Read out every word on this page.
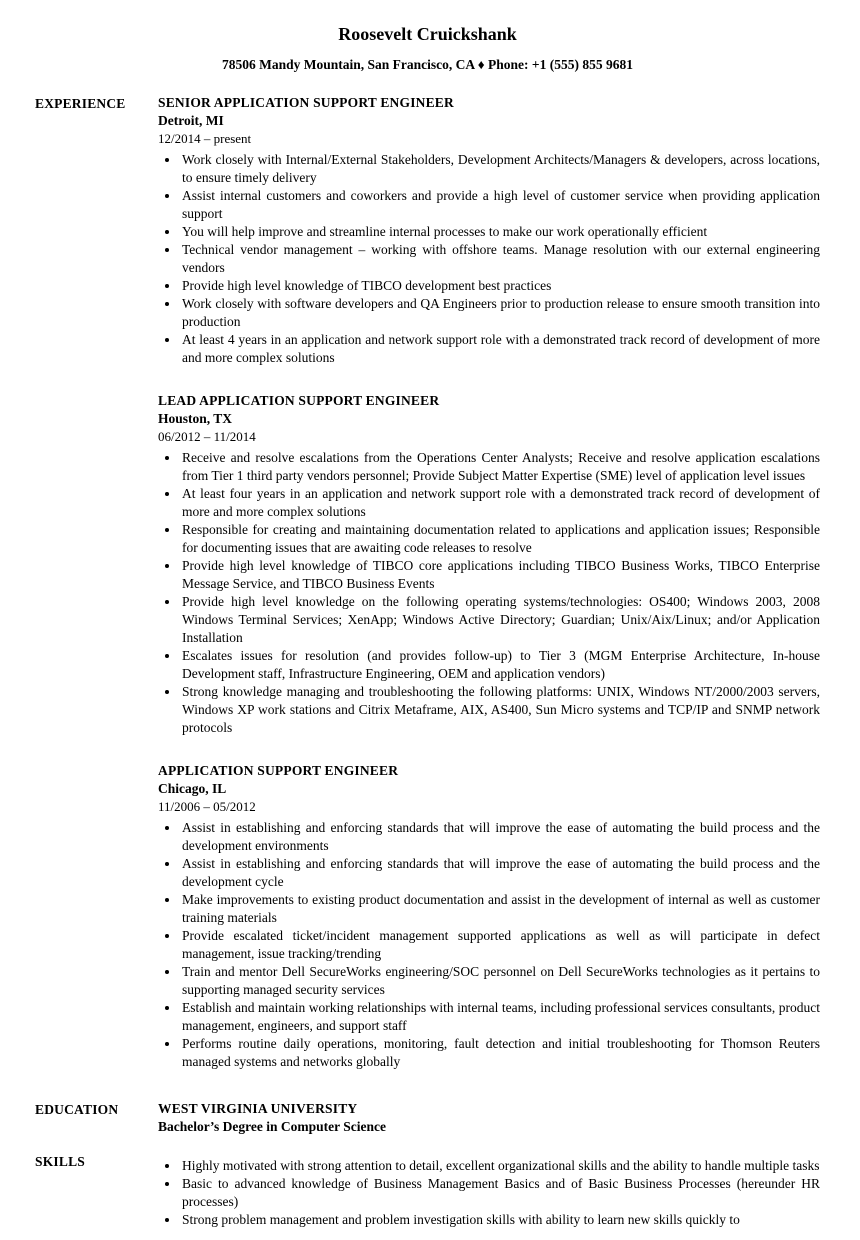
Roosevelt Cruickshank
78506 Mandy Mountain, San Francisco, CA ♦ Phone: +1 (555) 855 9681
EXPERIENCE	SENIOR APPLICATION SUPPORT ENGINEER
Detroit, MI
12/2014 – present
• Work closely with Internal/External Stakeholders, Development Architects/Managers & developers, across locations, to ensure timely delivery
• Assist internal customers and coworkers and provide a high level of customer service when providing application support
• You will help improve and streamline internal processes to make our work operationally efficient
• Technical vendor management – working with offshore teams. Manage resolution with our external engineering vendors
• Provide high level knowledge of TIBCO development best practices
• Work closely with software developers and QA Engineers prior to production release to ensure smooth transition into production
• At least 4 years in an application and network support role with a demonstrated track record of development of more and more complex solutions
LEAD APPLICATION SUPPORT ENGINEER
Houston, TX
06/2012 – 11/2014
• Receive and resolve escalations from the Operations Center Analysts; Receive and resolve application escalations from Tier 1 third party vendors personnel; Provide Subject Matter Expertise (SME) level of application level issues
• At least four years in an application and network support role with a demonstrated track record of development of more and more complex solutions
• Responsible for creating and maintaining documentation related to applications and application issues; Responsible for documenting issues that are awaiting code releases to resolve
• Provide high level knowledge of TIBCO core applications including TIBCO Business Works, TIBCO Enterprise Message Service, and TIBCO Business Events
• Provide high level knowledge on the following operating systems/technologies: OS400; Windows 2003, 2008 Windows Terminal Services; XenApp; Windows Active Directory; Guardian; Unix/Aix/Linux; and/or Application Installation
• Escalates issues for resolution (and provides follow-up) to Tier 3 (MGM Enterprise Architecture, In-house Development staff, Infrastructure Engineering, OEM and application vendors)
• Strong knowledge managing and troubleshooting the following platforms: UNIX, Windows NT/2000/2003 servers, Windows XP work stations and Citrix Metaframe, AIX, AS400, Sun Micro systems and TCP/IP and SNMP network protocols
APPLICATION SUPPORT ENGINEER
Chicago, IL
11/2006 – 05/2012
• Assist in establishing and enforcing standards that will improve the ease of automating the build process and the development environments
• Assist in establishing and enforcing standards that will improve the ease of automating the build process and the development cycle
• Make improvements to existing product documentation and assist in the development of internal as well as customer training materials
• Provide escalated ticket/incident management supported applications as well as will participate in defect management, issue tracking/trending
• Train and mentor Dell SecureWorks engineering/SOC personnel on Dell SecureWorks technologies as it pertains to supporting managed security services
• Establish and maintain working relationships with internal teams, including professional services consultants, product management, engineers, and support staff
• Performs routine daily operations, monitoring, fault detection and initial troubleshooting for Thomson Reuters managed systems and networks globally
EDUCATION	WEST VIRGINIA UNIVERSITY
Bachelor’s Degree in Computer Science
SKILLS	• Highly motivated with strong attention to detail, excellent organizational skills and the ability to handle multiple tasks
• Basic to advanced knowledge of Business Management Basics and of Basic Business Processes (hereunder HR processes)
• Strong problem management and problem investigation skills with ability to learn new skills quickly to
